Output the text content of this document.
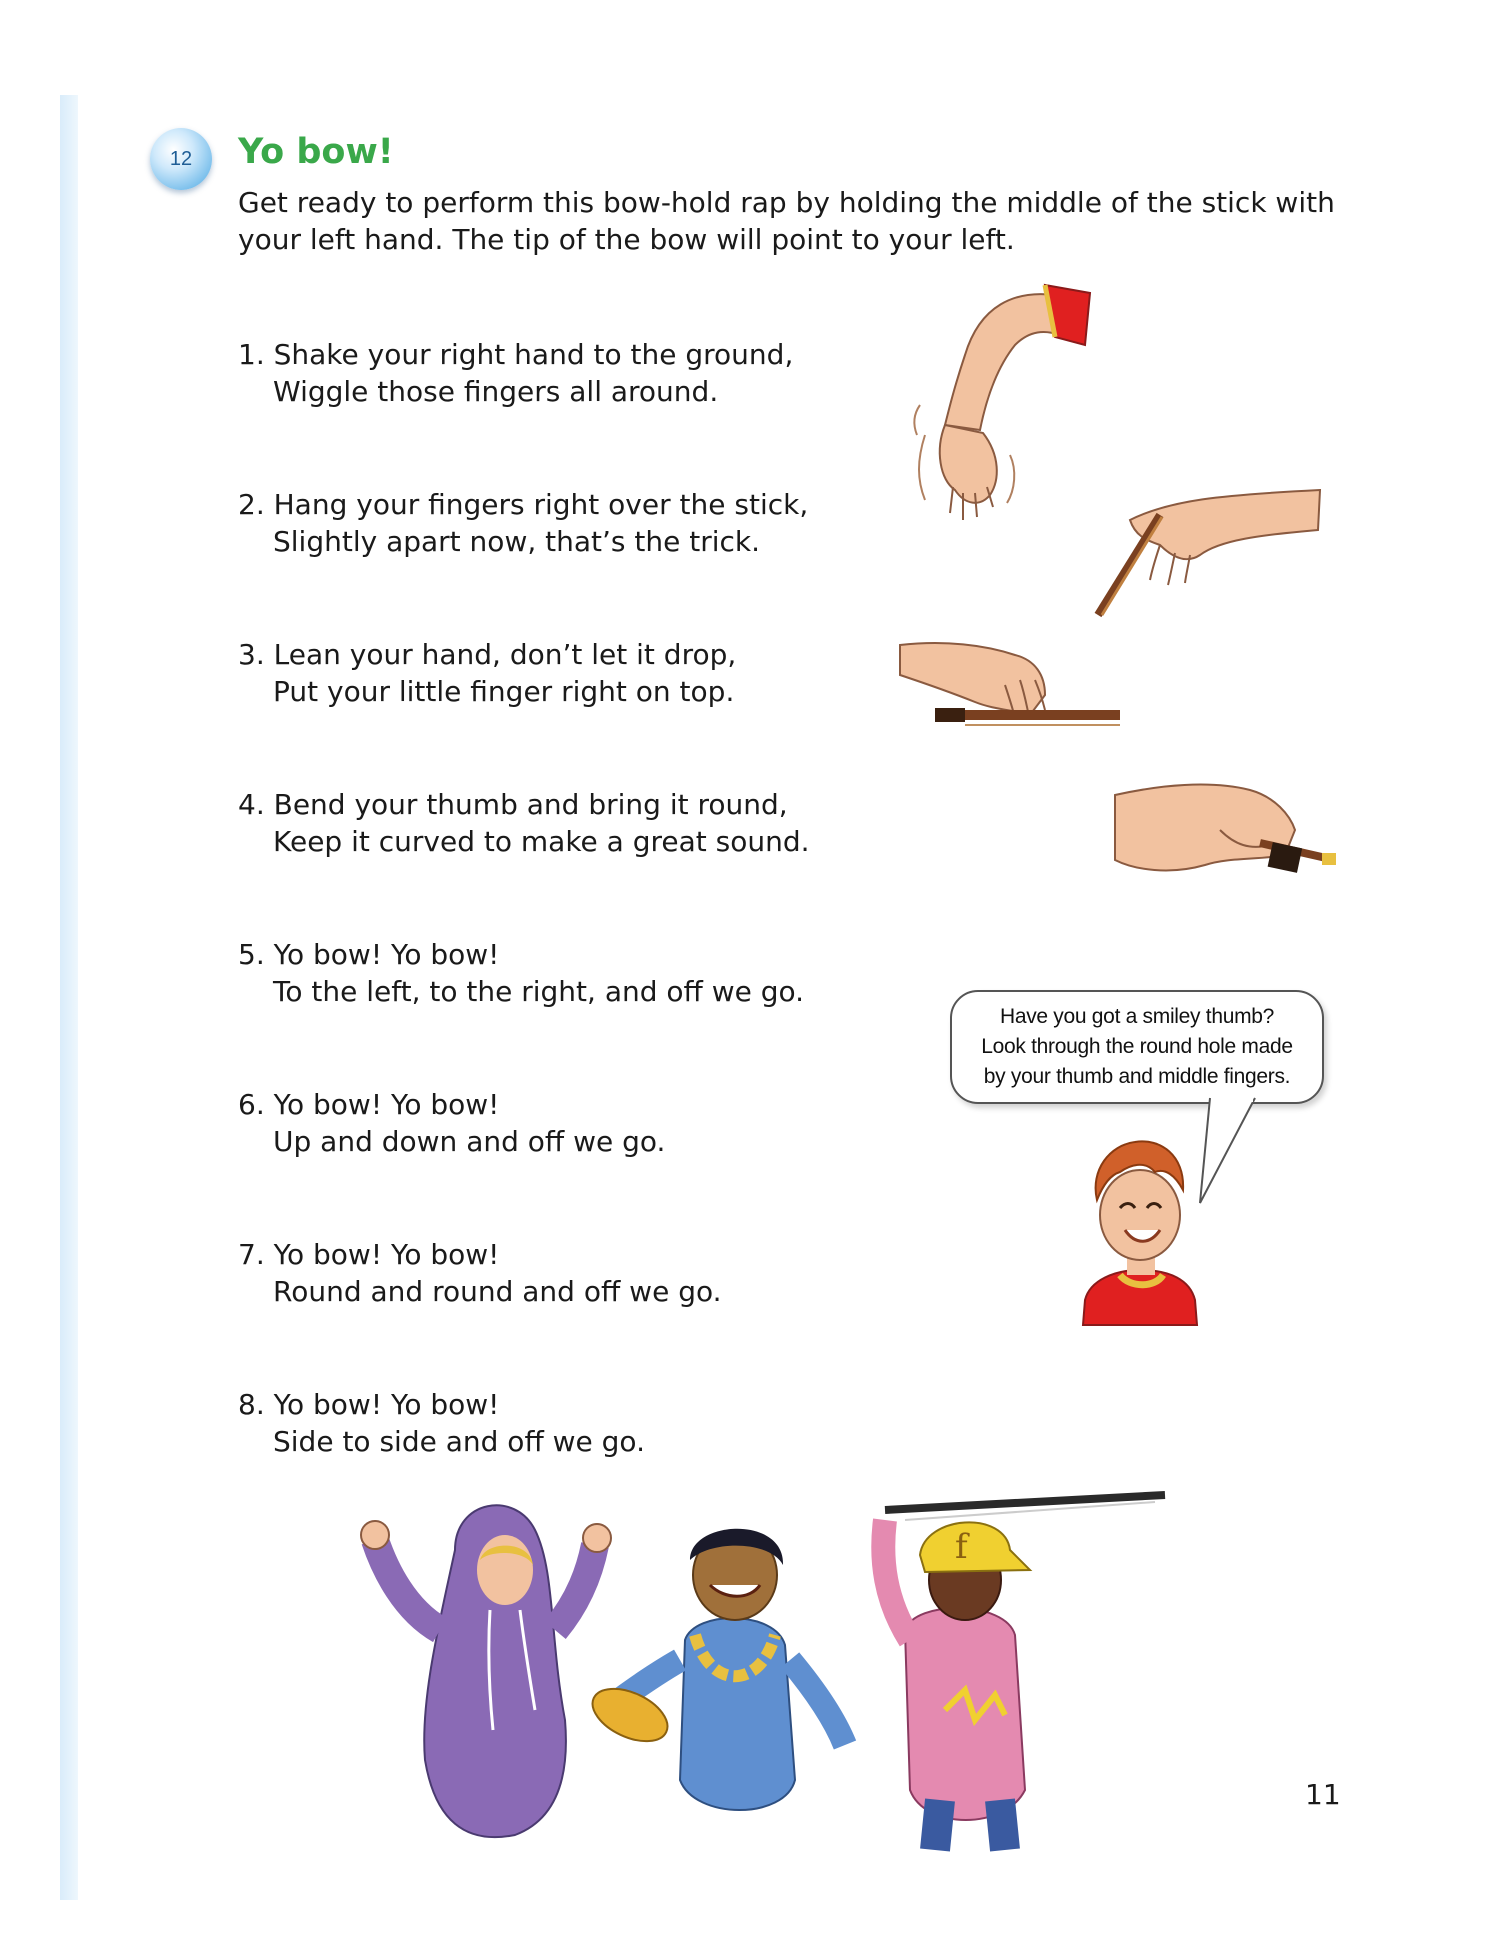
12 Yo bow!

Get ready to perform this bow-hold rap by holding the middle of the stick with your left hand. The tip of the bow will point to your left.

1. Shake your right hand to the ground,

Wiggle those fingers all around.

2. Hang your fingers right over the stick,

Slightly apart now, that’s the trick.

3. Lean your hand, don’t let it drop,

Put your little finger right on top.

4. Bend your thumb and bring it round,

Keep it curved to make a great sound.

5. Yo bow! Yo bow!

To the left, to the right, and off we go.

6. Yo bow! Yo bow!

Up and down and off we go.

7. Yo bow! Yo bow!

Round and round and off we go.

8. Yo bow! Yo bow!

Side to side and off we go.

Have you got a smiley thumb?
Look through the round hole made
by your thumb and middle fingers.

f

11
